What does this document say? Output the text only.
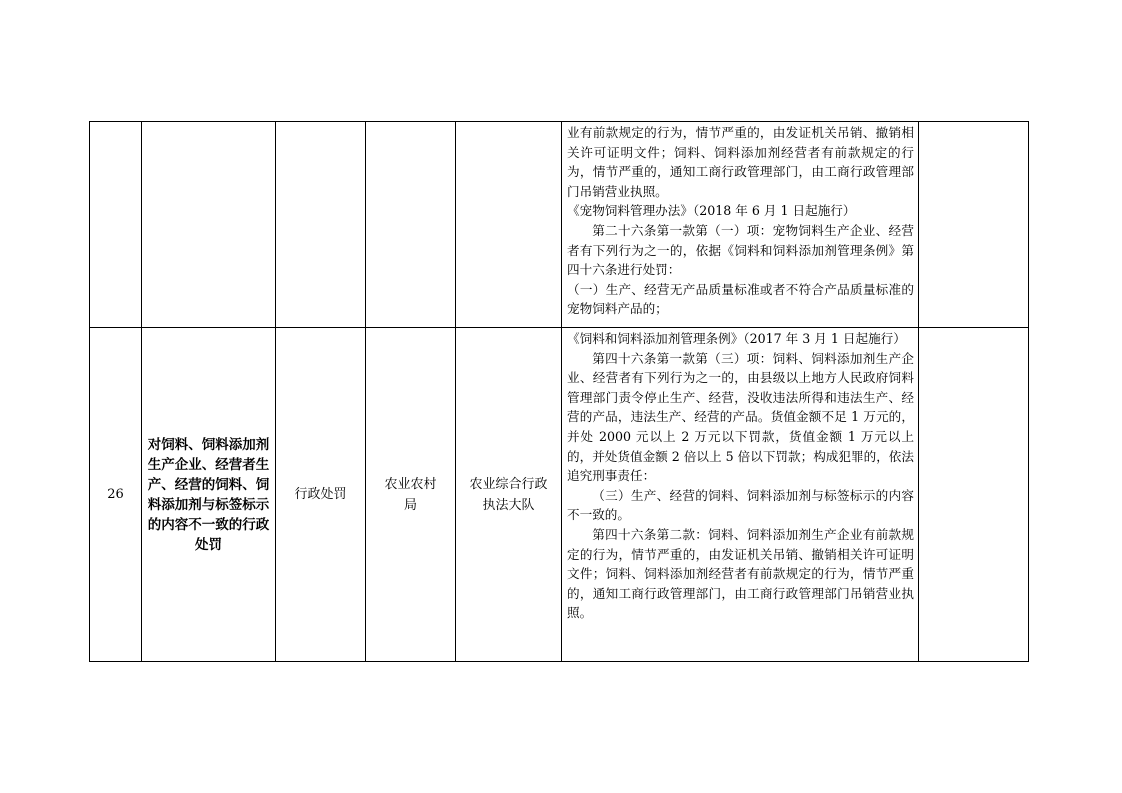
					业有前款规定的行为，情节严重的，由发证机关吊销、撤销相关许可证明文件；饲料、饲料添加剂经营者有前款规定的行为，情节严重的，通知工商行政管理部门，由工商行政管理部门吊销营业执照。

《宠物饲料管理办法》（2018 年 6 月 1 日起施行）

第二十六条第一款第（一）项：宠物饲料生产企业、经营者有下列行为之一的，依据《饲料和饲料添加剂管理条例》第四十六条进行处罚：

（一）生产、经营无产品质量标准或者不符合产品质量标准的宠物饲料产品的；	

26	对饲料、饲料添加剂生产企业、经营者生产、经营的饲料、饲料添加剂与标签标示的内容不一致的行政处罚	行政处罚	农业农村局	农业综合行政执法大队	《饲料和饲料添加剂管理条例》（2017 年 3 月 1 日起施行）

第四十六条第一款第（三）项：饲料、饲料添加剂生产企业、经营者有下列行为之一的，由县级以上地方人民政府饲料管理部门责令停止生产、经营，没收违法所得和违法生产、经营的产品，违法生产、经营的产品。货值金额不足 1 万元的，并处 2000 元以上 2 万元以下罚款，货值金额 1 万元以上的，并处货值金额 2 倍以上 5 倍以下罚款；构成犯罪的，依法追究刑事责任：

（三）生产、经营的饲料、饲料添加剂与标签标示的内容不一致的。

第四十六条第二款：饲料、饲料添加剂生产企业有前款规定的行为，情节严重的，由发证机关吊销、撤销相关许可证明文件；饲料、饲料添加剂经营者有前款规定的行为，情节严重的，通知工商行政管理部门，由工商行政管理部门吊销营业执照。	
